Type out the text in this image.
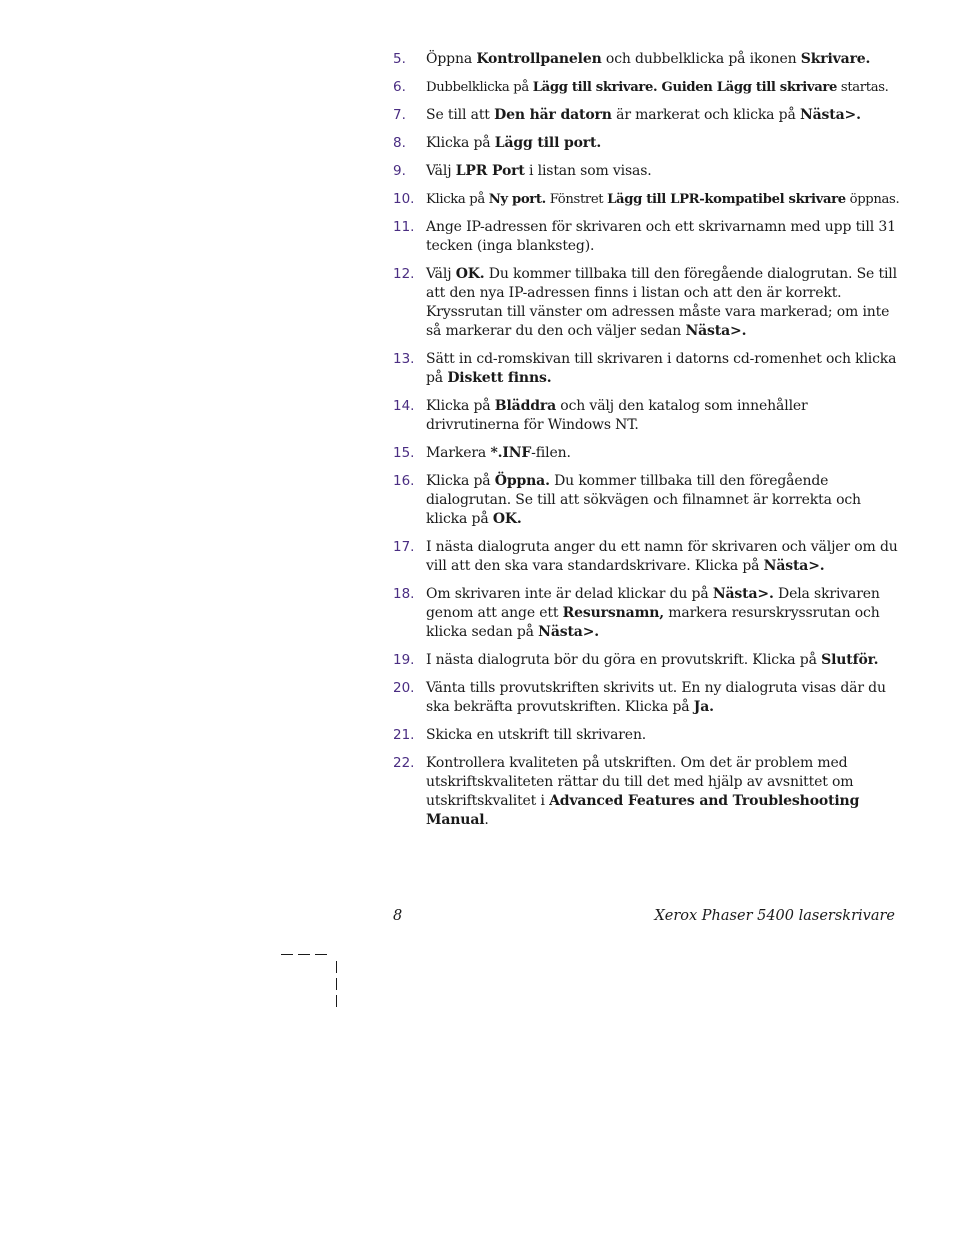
5.	Öppna Kontrollpanelen och dubbelklicka på ikonen Skrivare.
6.	Dubbelklicka på Lägg till skrivare. Guiden Lägg till skrivare startas.
7.	Se till att Den här datorn är markerat och klicka på Nästa>.
8.	Klicka på Lägg till port.
9.	Välj LPR Port i listan som visas.
10. Klicka på Ny port. Fönstret Lägg till LPR-kompatibel skrivare öppnas.
11. Ange IP-adressen för skrivaren och ett skrivarnamn med upp till 31 tecken (inga blanksteg).
12. Välj OK. Du kommer tillbaka till den föregående dialogrutan. Se till att den nya IP-adressen finns i listan och att den är korrekt. Kryssrutan till vänster om adressen måste vara markerad; om inte så markerar du den och väljer sedan Nästa>.
13. Sätt in cd-romskivan till skrivaren i datorns cd-romenhet och klicka på Diskett finns.
14. Klicka på Bläddra och välj den katalog som innehåller drivrutinerna för Windows NT.
15. Markera *.INF-filen.
16. Klicka på Öppna. Du kommer tillbaka till den föregående dialogrutan. Se till att sökvägen och filnamnet är korrekta och klicka på OK.
17. I nästa dialogruta anger du ett namn för skrivaren och väljer om du vill att den ska vara standardskrivare. Klicka på Nästa>.
18. Om skrivaren inte är delad klickar du på Nästa>. Dela skrivaren genom att ange ett Resursnamn, markera resurskryssrutan och klicka sedan på Nästa>.
19. I nästa dialogruta bör du göra en provutskrift. Klicka på Slutför.
20. Vänta tills provutskriften skrivits ut. En ny dialogruta visas där du ska bekräfta provutskriften. Klicka på Ja.
21. Skicka en utskrift till skrivaren.
22. Kontrollera kvaliteten på utskriften. Om det är problem med utskriftskvaliteten rättar du till det med hjälp av avsnittet om utskriftskvalitet i Advanced Features and Troubleshooting Manual.
8	Xerox Phaser 5400 laserskrivare
